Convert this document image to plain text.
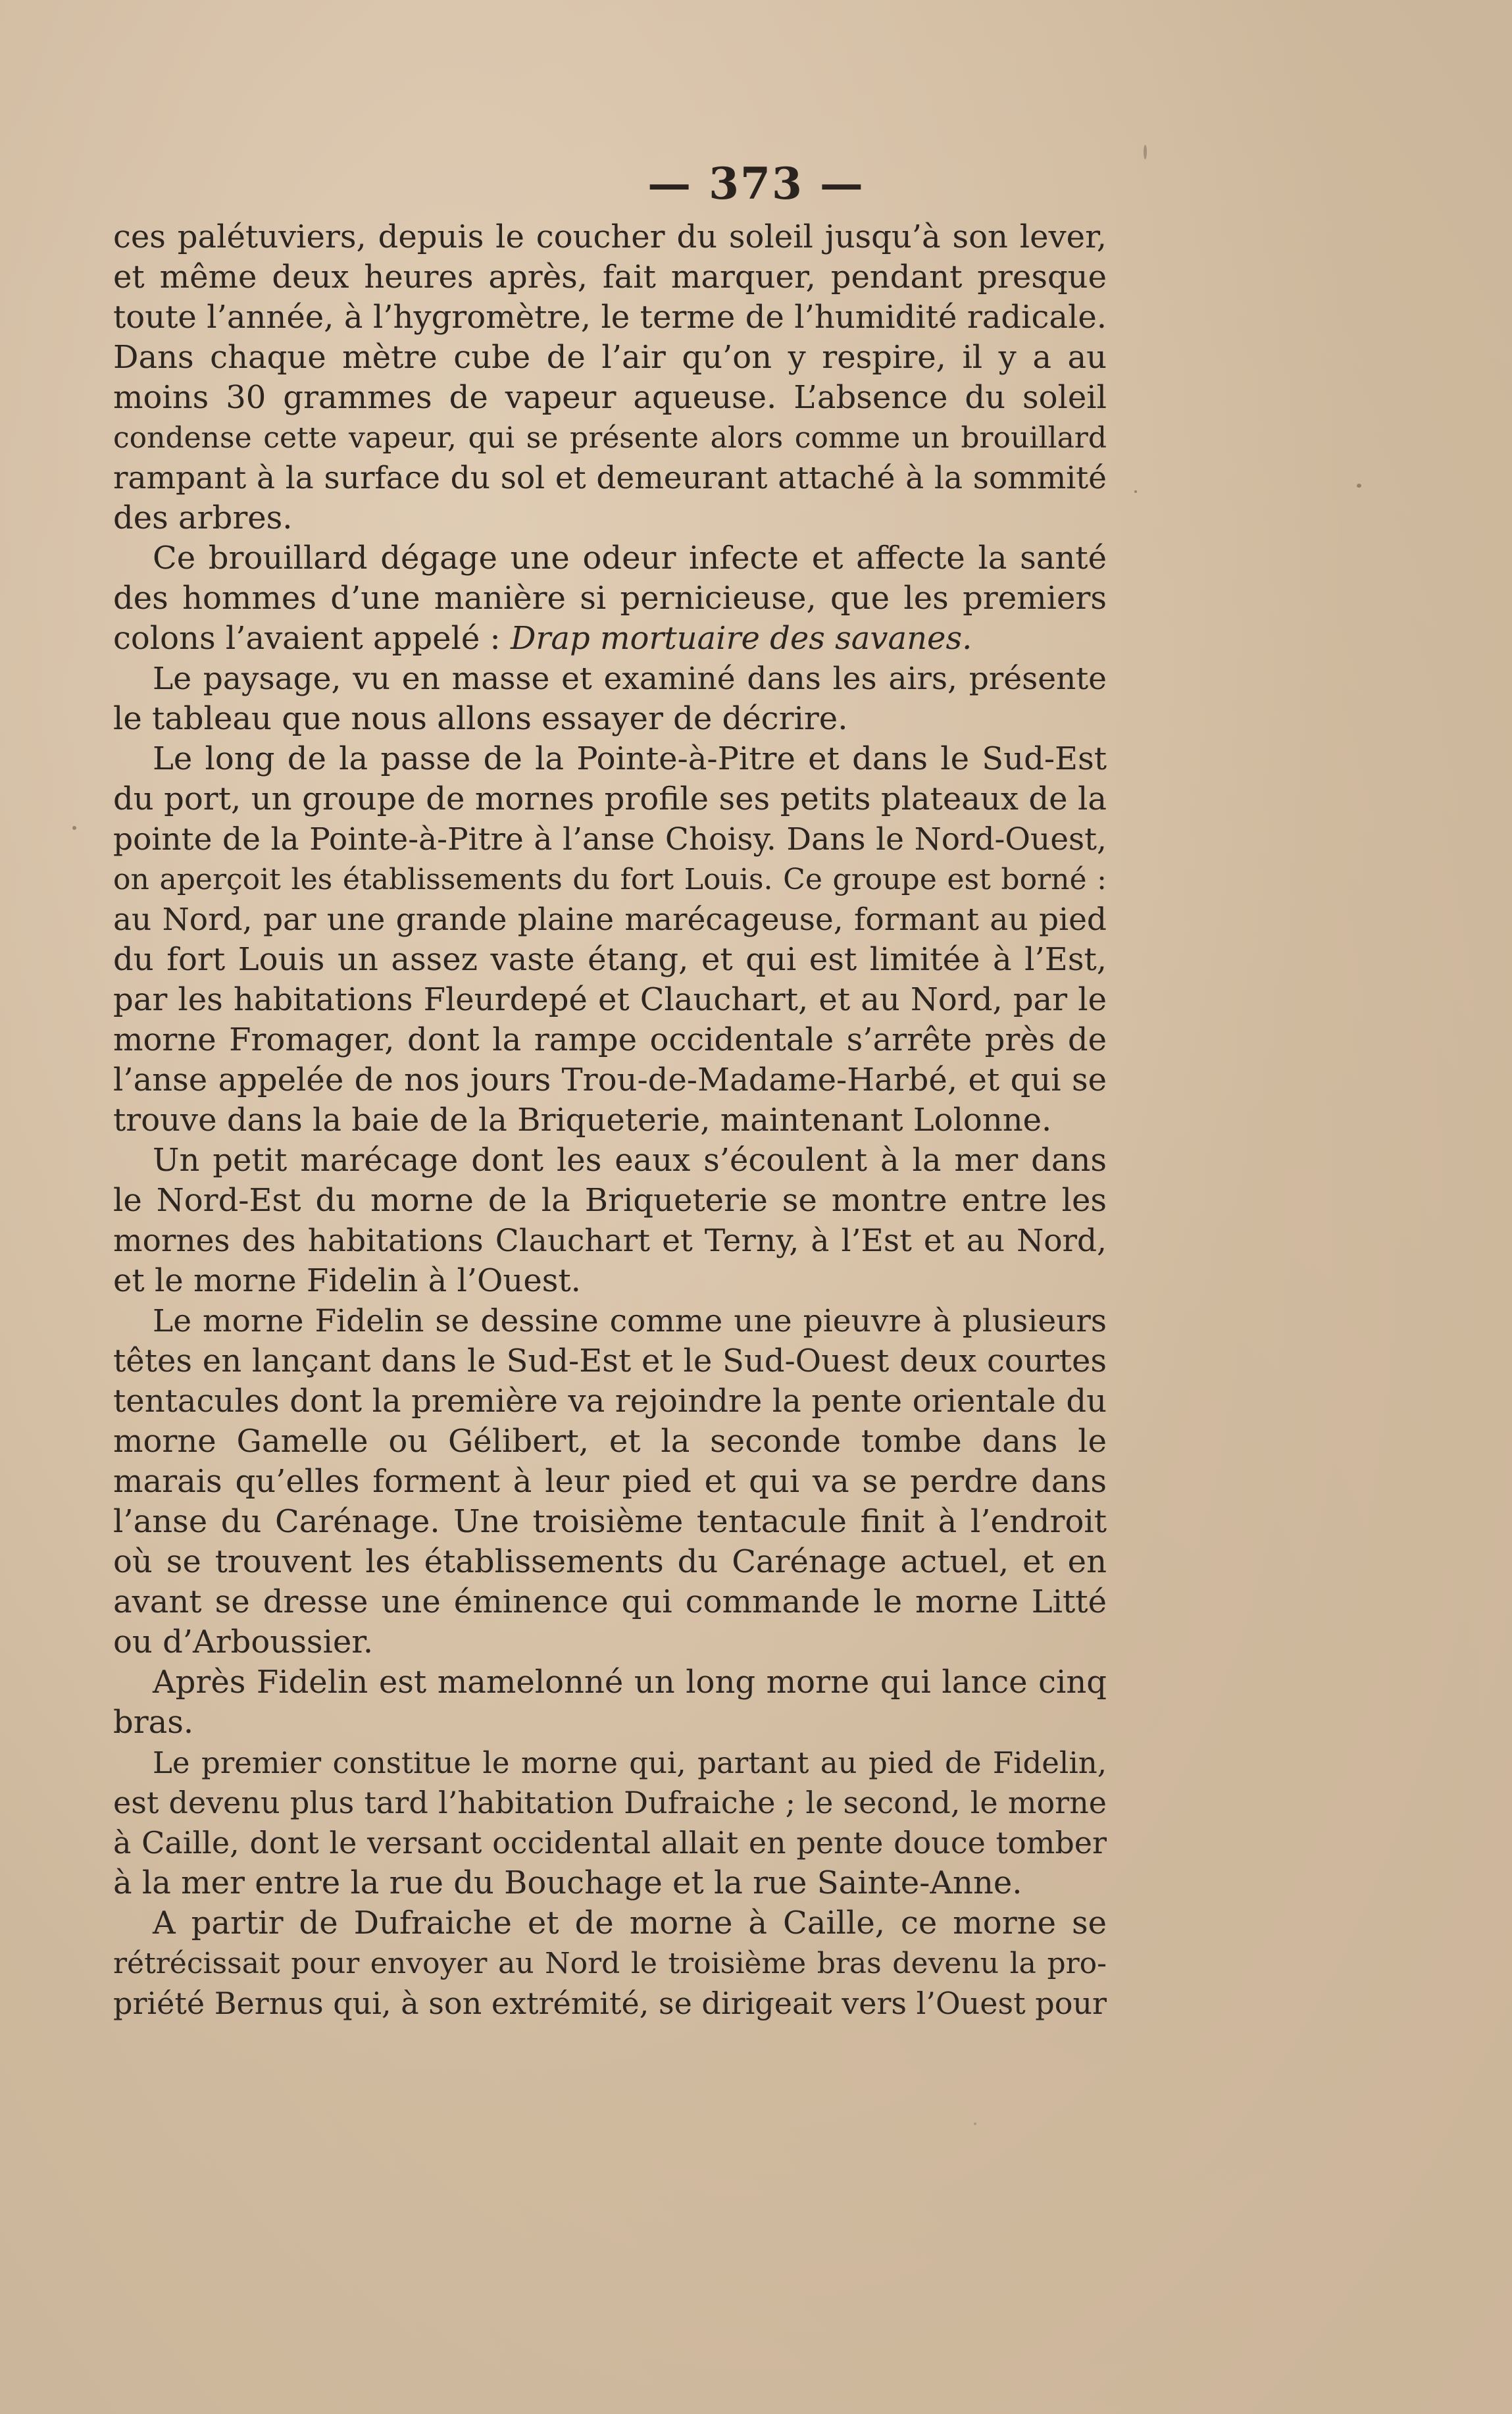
— 373 —
ces palétuviers, depuis le coucher du soleil jusqu’à son lever,
et même deux heures après, fait marquer, pendant presque
toute l’année, à l’hygromètre, le terme de l’humidité radicale.
Dans chaque mètre cube de l’air qu’on y respire, il y a au
moins 30 grammes de vapeur aqueuse. L’absence du soleil
condense cette vapeur, qui se présente alors comme un brouillard
rampant à la surface du sol et demeurant attaché à la sommité
des arbres.
Ce brouillard dégage une odeur infecte et affecte la santé
des hommes d’une manière si pernicieuse, que les premiers
colons l’avaient appelé : Drap mortuaire des savanes.
Le paysage, vu en masse et examiné dans les airs, présente
le tableau que nous allons essayer de décrire.
Le long de la passe de la Pointe-à-Pitre et dans le Sud-Est
du port, un groupe de mornes profile ses petits plateaux de la
pointe de la Pointe-à-Pitre à l’anse Choisy. Dans le Nord-Ouest,
on aperçoit les établissements du fort Louis. Ce groupe est borné :
au Nord, par une grande plaine marécageuse, formant au pied
du fort Louis un assez vaste étang, et qui est limitée à l’Est,
par les habitations Fleurdepé et Clauchart, et au Nord, par le
morne Fromager, dont la rampe occidentale s’arrête près de
l’anse appelée de nos jours Trou-de-Madame-Harbé, et qui se
trouve dans la baie de la Briqueterie, maintenant Lolonne.
Un petit marécage dont les eaux s’écoulent à la mer dans
le Nord-Est du morne de la Briqueterie se montre entre les
mornes des habitations Clauchart et Terny, à l’Est et au Nord,
et le morne Fidelin à l’Ouest.
Le morne Fidelin se dessine comme une pieuvre à plusieurs
têtes en lançant dans le Sud-Est et le Sud-Ouest deux courtes
tentacules dont la première va rejoindre la pente orientale du
morne Gamelle ou Gélibert, et la seconde tombe dans le
marais qu’elles forment à leur pied et qui va se perdre dans
l’anse du Carénage. Une troisième tentacule finit à l’endroit
où se trouvent les établissements du Carénage actuel, et en
avant se dresse une éminence qui commande le morne Litté
ou d’Arboussier.
Après Fidelin est mamelonné un long morne qui lance cinq
bras.
Le premier constitue le morne qui, partant au pied de Fidelin,
est devenu plus tard l’habitation Dufraiche ; le second, le morne
à Caille, dont le versant occidental allait en pente douce tomber
à la mer entre la rue du Bouchage et la rue Sainte-Anne.
A partir de Dufraiche et de morne à Caille, ce morne se
rétrécissait pour envoyer au Nord le troisième bras devenu la pro-
priété Bernus qui, à son extrémité, se dirigeait vers l’Ouest pour
